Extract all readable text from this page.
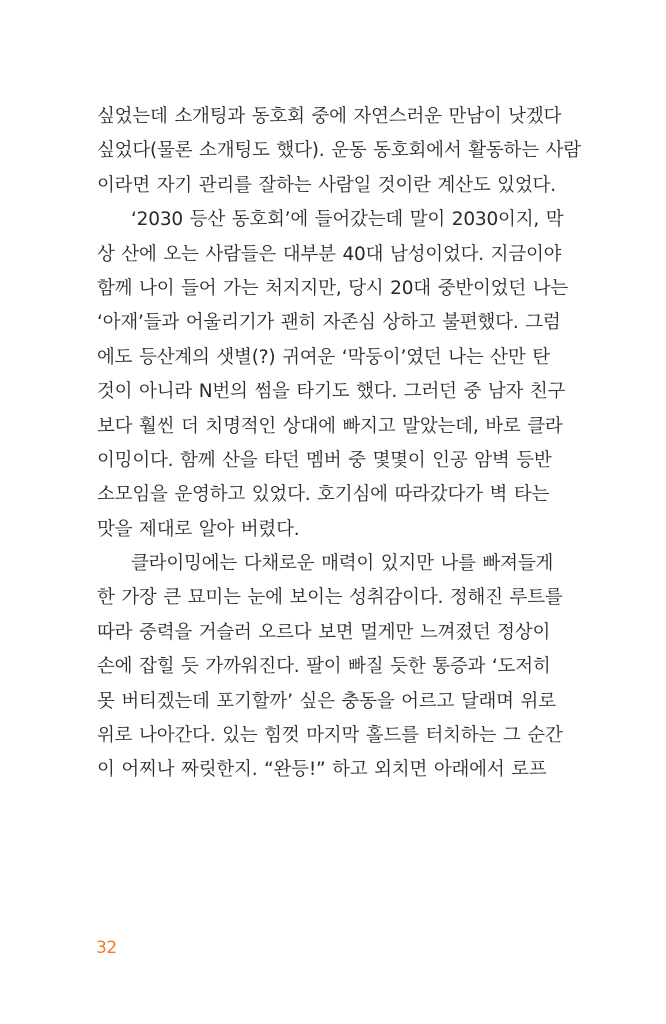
싶었는데 소개팅과 동호회 중에 자연스러운 만남이 낫겠다
싶었다(물론 소개팅도 했다). 운동 동호회에서 활동하는 사람
이라면 자기 관리를 잘하는 사람일 것이란 계산도 있었다.
‘2030 등산 동호회’에 들어갔는데 말이 2030이지, 막
상 산에 오는 사람들은 대부분 40대 남성이었다. 지금이야
함께 나이 들어 가는 처지지만, 당시 20대 중반이었던 나는
‘아재’들과 어울리기가 괜히 자존심 상하고 불편했다. 그럼
에도 등산계의 샛별(?) 귀여운 ‘막둥이’였던 나는 산만 탄
것이 아니라 N번의 썸을 타기도 했다. 그러던 중 남자 친구
보다 훨씬 더 치명적인 상대에 빠지고 말았는데, 바로 클라
이밍이다. 함께 산을 타던 멤버 중 몇몇이 인공 암벽 등반
소모임을 운영하고 있었다. 호기심에 따라갔다가 벽 타는
맛을 제대로 알아 버렸다.
클라이밍에는 다채로운 매력이 있지만 나를 빠져들게
한 가장 큰 묘미는 눈에 보이는 성취감이다. 정해진 루트를
따라 중력을 거슬러 오르다 보면 멀게만 느껴졌던 정상이
손에 잡힐 듯 가까워진다. 팔이 빠질 듯한 통증과 ‘도저히
못 버티겠는데 포기할까’ 싶은 충동을 어르고 달래며 위로
위로 나아간다. 있는 힘껏 마지막 홀드를 터치하는 그 순간
이 어찌나 짜릿한지. “완등!” 하고 외치면 아래에서 로프
32
